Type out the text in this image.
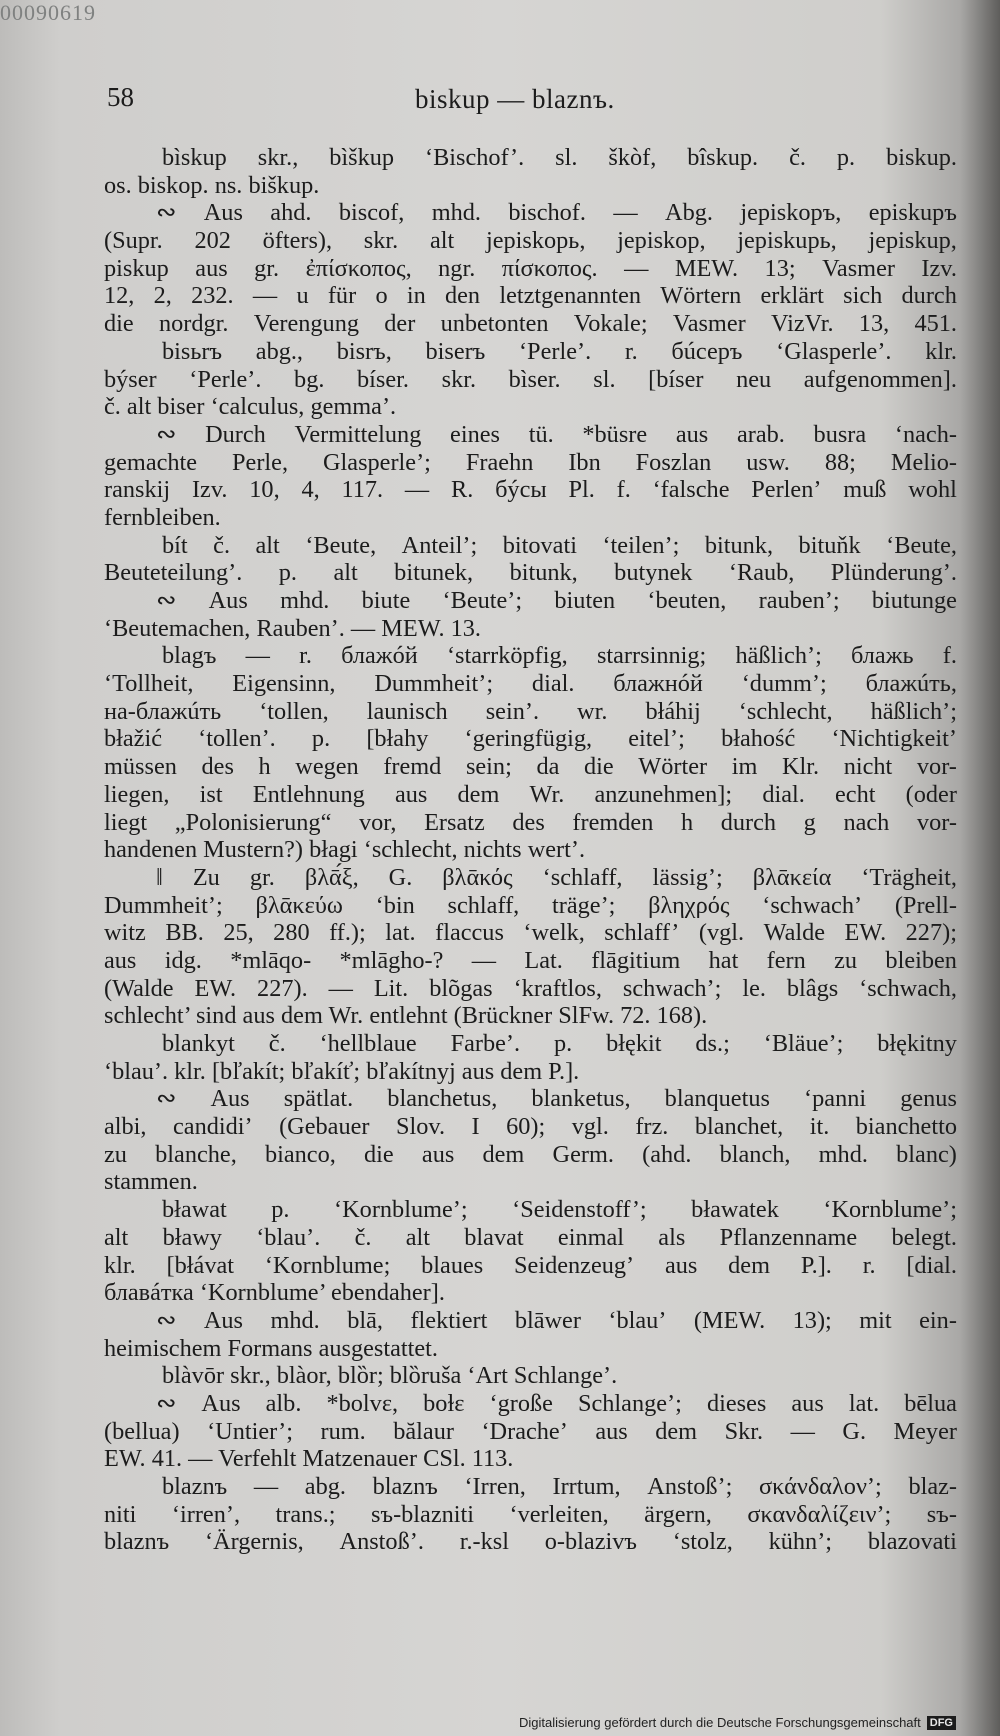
00090619
58	biskup — blaznъ.
bìskup skr., bìškup ‘Bischof’. sl. škòf, bîskup. č. p. biskup.
os. biskop. ns. biškup.
∾ Aus ahd. biscof, mhd. bischof. — Abg. jepiskopъ, episkupъ
(Supr. 202 öfters), skr. alt jepiskopь, jepiskop, jepiskupь, jepiskup,
piskup aus gr. ἐπίσκοπος, ngr. πίσκοπος. — MEW. 13; Vasmer Izv.
12, 2, 232. — u für o in den letztgenannten Wörtern erklärt sich durch
die nordgr. Verengung der unbetonten Vokale; Vasmer VizVr. 13, 451.
bisьrъ abg., bisrъ, biserъ ‘Perle’. r. бúсеръ ‘Glasperle’. klr.
býser ‘Perle’. bg. bíser. skr. bìser. sl. [bíser neu aufgenommen].
č. alt biser ‘calculus, gemma’.
∾ Durch Vermittelung eines tü. *büsre aus arab. busra ‘nach-
gemachte Perle, Glasperle’; Fraehn Ibn Foszlan usw. 88; Melio-
ranskij Izv. 10, 4, 117. — R. бýсы Pl. f. ‘falsche Perlen’ muß wohl
fernbleiben.
bít č. alt ‘Beute, Anteil’; bitovati ‘teilen’; bitunk, bituňk ‘Beute,
Beuteteilung’. p. alt bitunek, bitunk, butynek ‘Raub, Plünderung’.
∾ Aus mhd. biute ‘Beute’; biuten ‘beuten, rauben’; biutunge
‘Beutemachen, Rauben’. — MEW. 13.
blagъ — r. блажóй ‘starrköpfig, starrsinnig; häßlich’; блажь f.
‘Tollheit, Eigensinn, Dummheit’; dial. блажнóй ‘dumm’; блажúть,
на-блажúть ‘tollen, launisch sein’. wr. błáhij ‘schlecht, häßlich’;
błažić ‘tollen’. p. [błahy ‘geringfügig, eitel’; błahość ‘Nichtigkeit’
müssen des h wegen fremd sein; da die Wörter im Klr. nicht vor-
liegen, ist Entlehnung aus dem Wr. anzunehmen]; dial. echt (oder
liegt „Polonisierung“ vor, Ersatz des fremden h durch g nach vor-
handenen Mustern?) błagi ‘schlecht, nichts wert’.
‖ Zu gr. βλᾱ́ξ, G. βλᾱκός ‘schlaff, lässig’; βλᾱκεία ‘Trägheit,
Dummheit’; βλᾱκεύω ‘bin schlaff, träge’; βληχρός ‘schwach’ (Prell-
witz BB. 25, 280 ff.); lat. flaccus ‘welk, schlaff’ (vgl. Walde EW. 227);
aus idg. *mlāqo- *mlāgho-? — Lat. flāgitium hat fern zu bleiben
(Walde EW. 227). — Lit. blõgas ‘kraftlos, schwach’; le. blâgs ‘schwach,
schlecht’ sind aus dem Wr. entlehnt (Brückner SlFw. 72. 168).
blankyt č. ‘hellblaue Farbe’. p. błękit ds.; ‘Bläue’; błękitny
‘blau’. klr. [bľakít; bľakíť; bľakítnyj aus dem P.].
∾ Aus spätlat. blanchetus, blanketus, blanquetus ‘panni genus
albi, candidi’ (Gebauer Slov. I 60); vgl. frz. blanchet, it. bianchetto
zu blanche, bianco, die aus dem Germ. (ahd. blanch, mhd. blanc)
stammen.
bławat p. ‘Kornblume’; ‘Seidenstoff’; bławatek ‘Kornblume’;
alt bławy ‘blau’. č. alt blavat einmal als Pflanzenname belegt.
klr. [błávat ‘Kornblume; blaues Seidenzeug’ aus dem P.]. r. [dial.
блавáтка ‘Kornblume’ ebendaher].
∾ Aus mhd. blā, flektiert blāwer ‘blau’ (MEW. 13); mit ein-
heimischem Formans ausgestattet.
blàvōr skr., blàor, blȍr; blȍruša ‘Art Schlange’.
∾ Aus alb. *bolvɛ, boɫɛ ‘große Schlange’; dieses aus lat. bēlua
(bellua) ‘Untier’; rum. bălaur ‘Drache’ aus dem Skr. — G. Meyer
EW. 41. — Verfehlt Matzenauer CSl. 113.
blaznъ — abg. blaznъ ‘Irren, Irrtum, Anstoß’; σκάνδαλον’; blaz-
niti ‘irren’, trans.; sъ-blazniti ‘verleiten, ärgern, σκανδαλίζειν’; sъ-
blaznъ ‘Ärgernis, Anstoß’. r.-ksl o-blazivъ ‘stolz, kühn’; blazovati
Digitalisierung gefördert durch die Deutsche Forschungsgemeinschaft DFG
